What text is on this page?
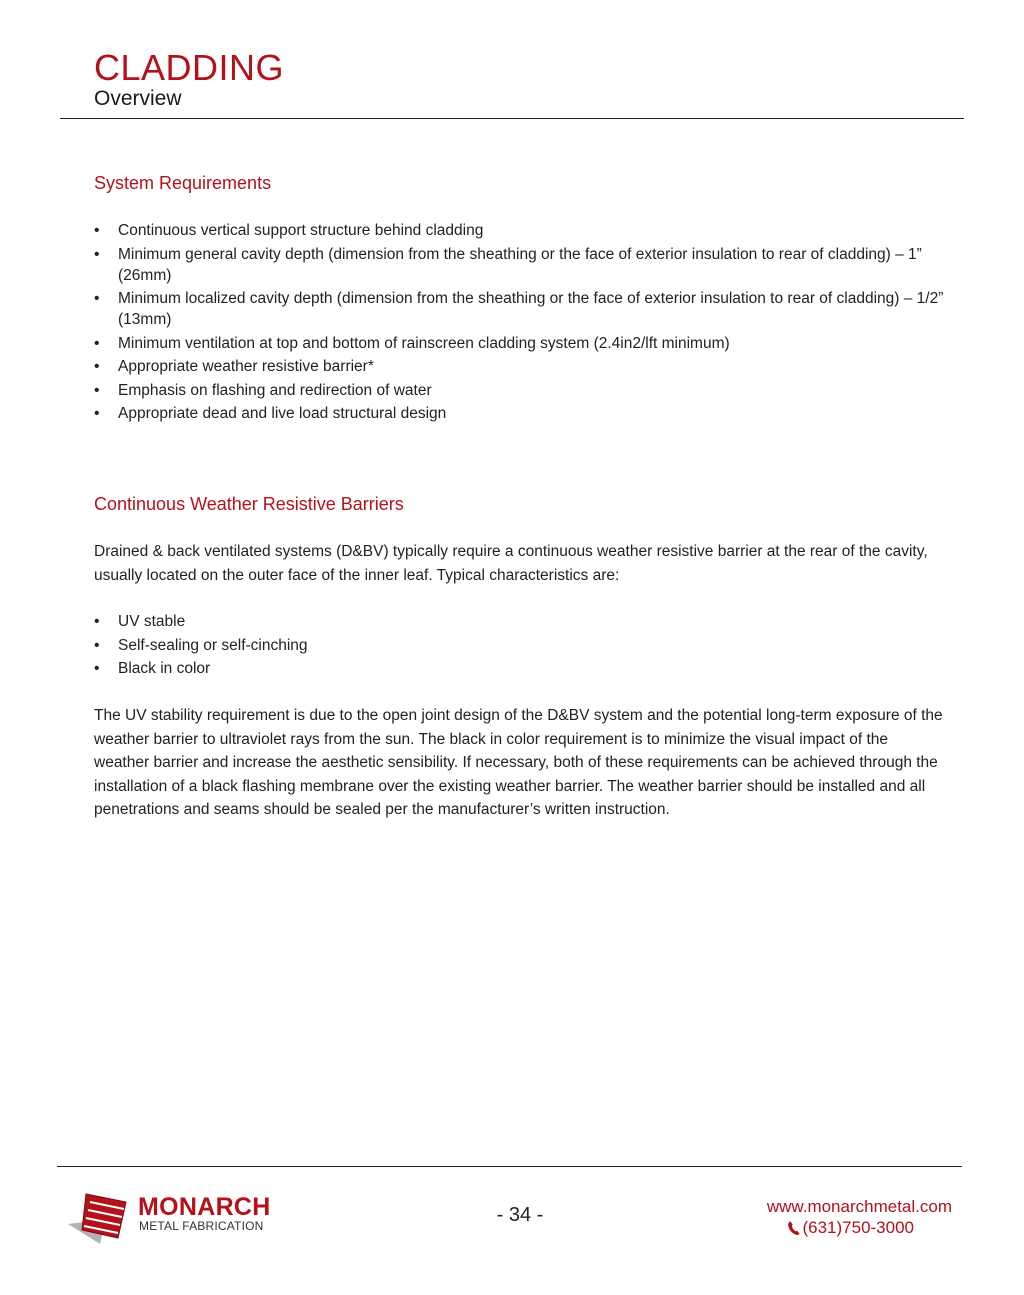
CLADDING
Overview
System Requirements
• Continuous vertical support structure behind cladding
• Minimum general cavity depth (dimension from the sheathing or the face of exterior insulation to rear of cladding) – 1” (26mm)
• Minimum localized cavity depth (dimension from the sheathing or the face of exterior insulation to rear of cladding) – 1/2” (13mm)
• Minimum ventilation at top and bottom of rainscreen cladding system (2.4in2/lft minimum)
• Appropriate weather resistive barrier*
• Emphasis on flashing and redirection of water
• Appropriate dead and live load structural design
Continuous Weather Resistive Barriers

Drained & back ventilated systems (D&BV) typically require a continuous weather resistive barrier at the rear of the cavity, usually located on the outer face of the inner leaf. Typical characteristics are:

• UV stable
• Self-sealing or self-cinching
• Black in color

The UV stability requirement is due to the open joint design of the D&BV system and the potential long-term exposure of the weather barrier to ultraviolet rays from the sun. The black in color requirement is to minimize the visual impact of the weather barrier and increase the aesthetic sensibility. If necessary, both of these requirements can be achieved through the installation of a black flashing membrane over the existing weather barrier. The weather barrier should be installed and all penetrations and seams should be sealed per the manufacturer’s written instruction.

MONARCH
METAL FABRICATION	- 34 -	www.monarchmetal.com
(631)750-3000
